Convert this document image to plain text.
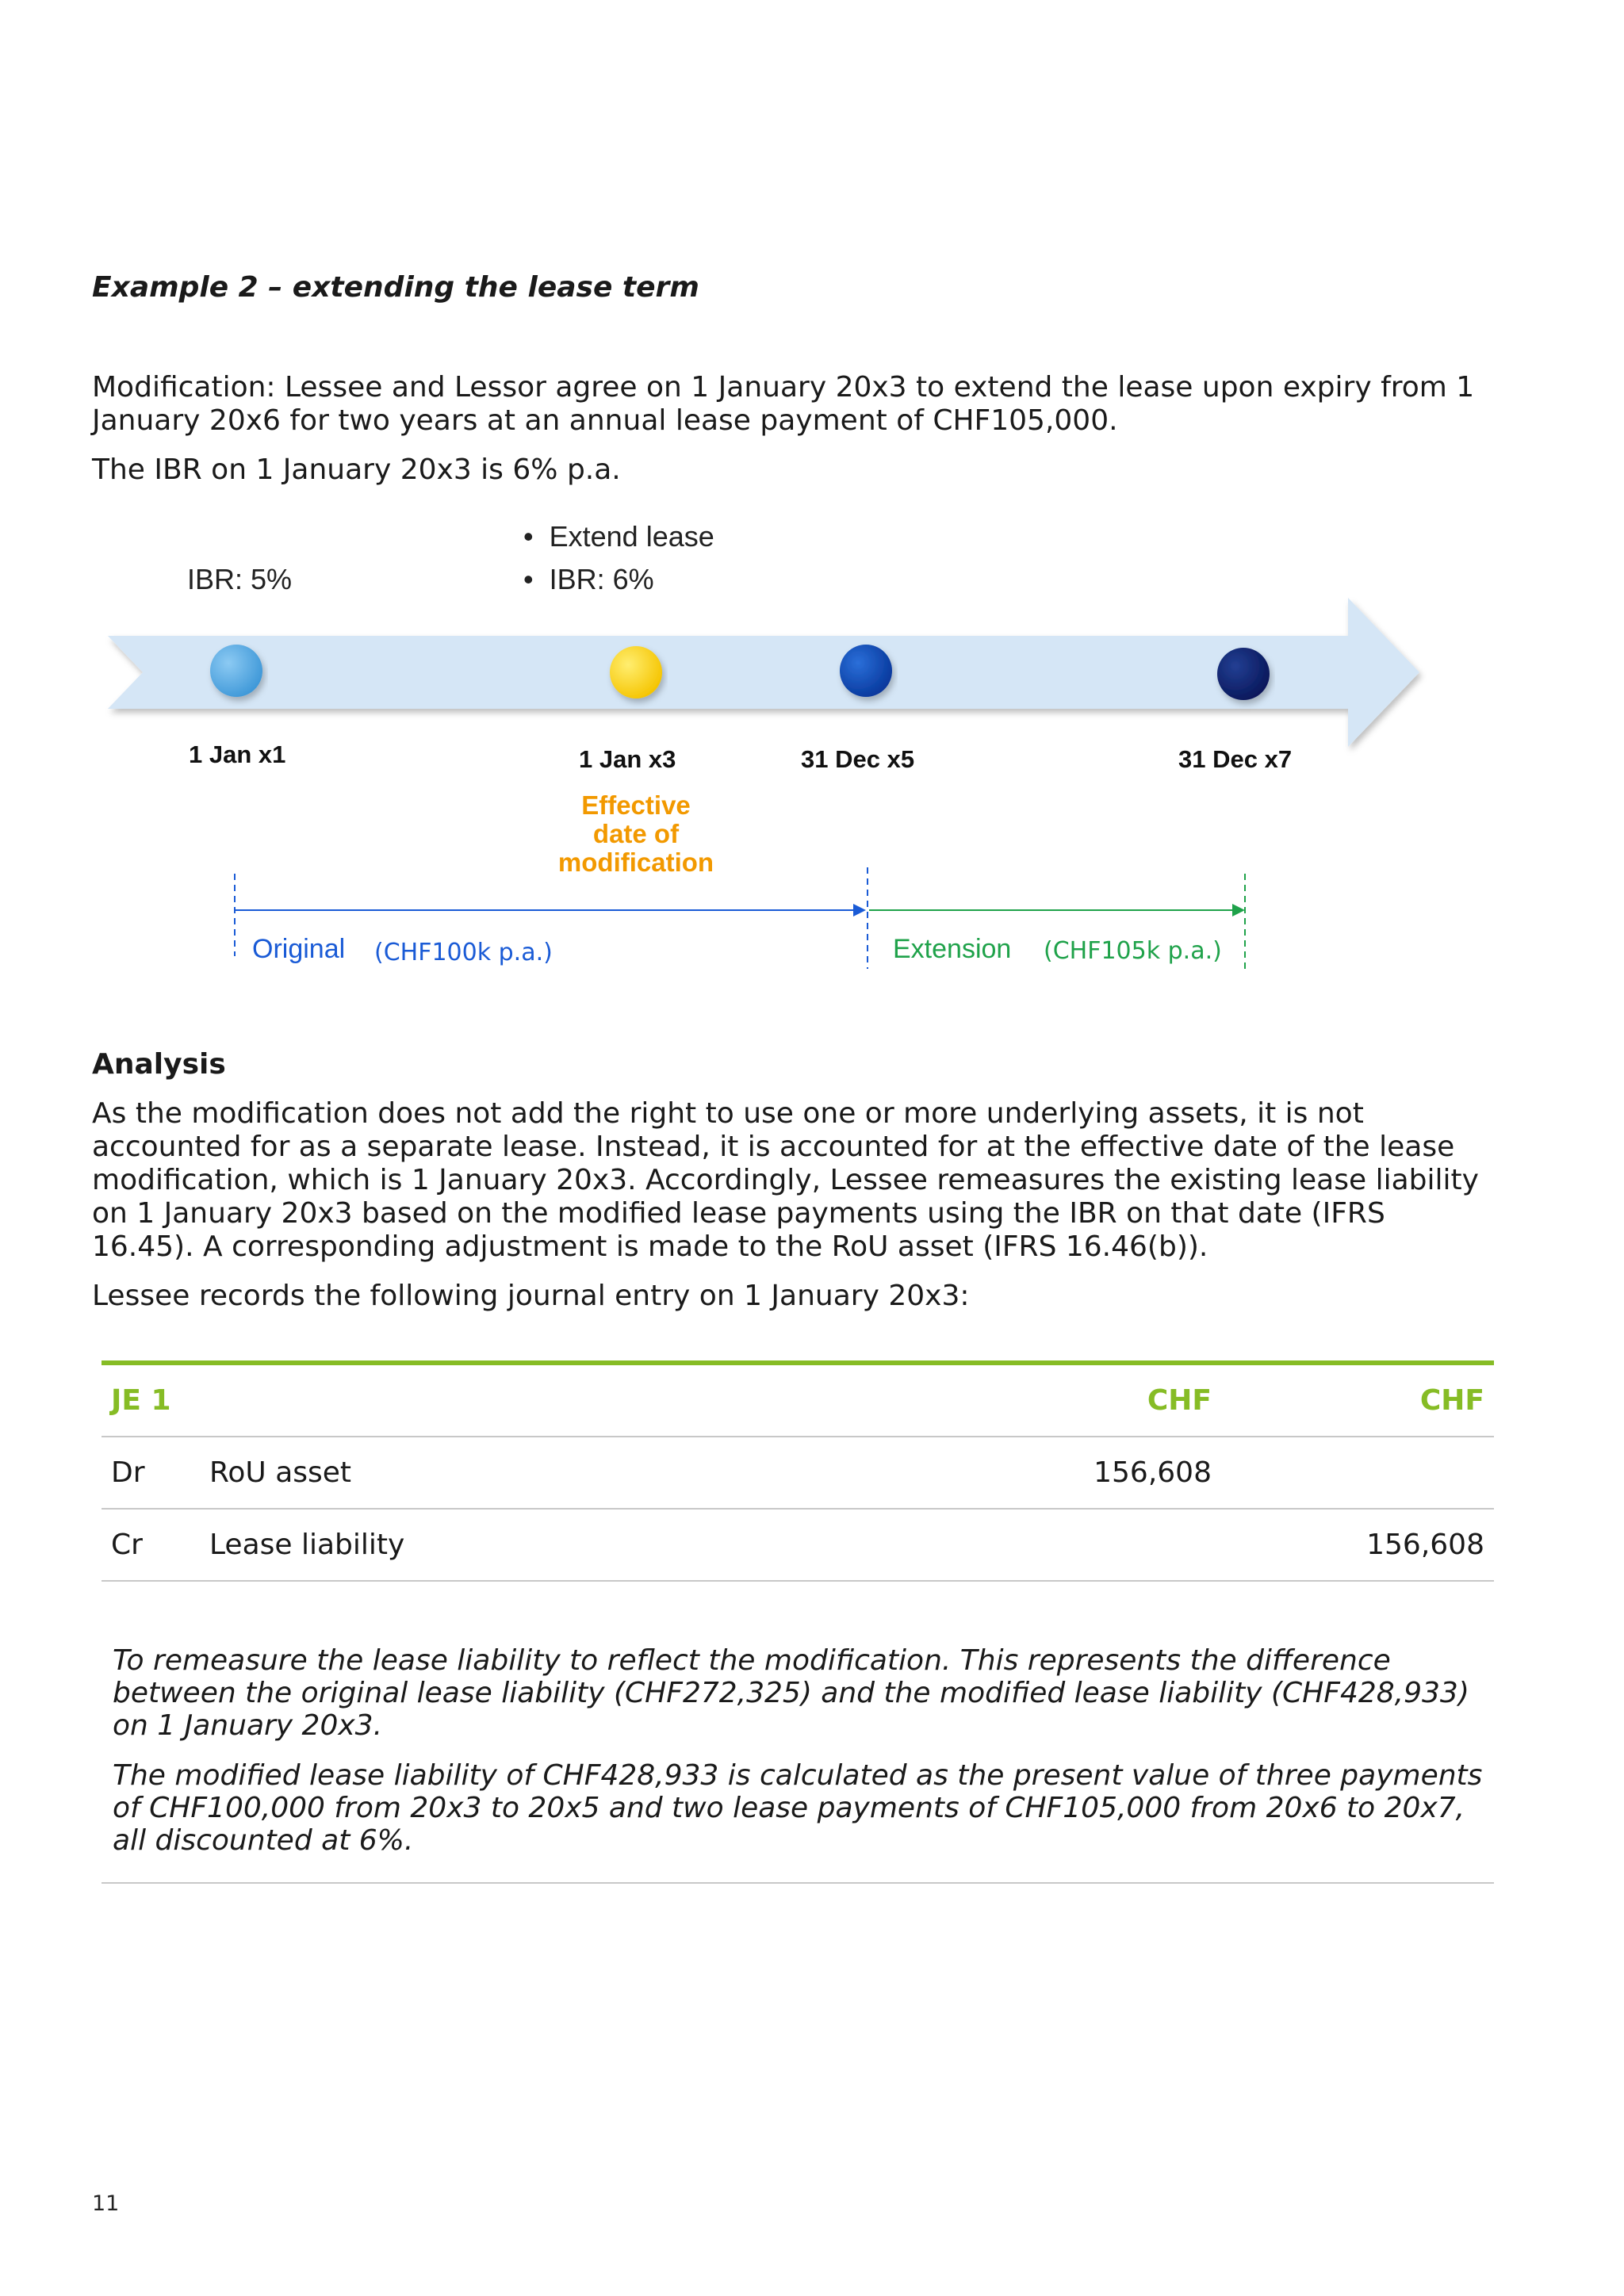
Example 2 – extending the lease term

Modification: Lessee and Lessor agree on 1 January 20x3 to extend the lease upon expiry from 1 January 20x6 for two years at an annual lease payment of CHF105,000.

The IBR on 1 January 20x3 is 6% p.a.

IBR: 5%
•  Extend lease
•  IBR: 6%
1 Jan x1	1 Jan x3	31 Dec x5	31 Dec x7
Effective
date of
modification
Original (CHF100k p.a.)	Extension (CHF105k p.a.)

Analysis

As the modification does not add the right to use one or more underlying assets, it is not accounted for as a separate lease. Instead, it is accounted for at the effective date of the lease modification, which is 1 January 20x3. Accordingly, Lessee remeasures the existing lease liability on 1 January 20x3 based on the modified lease payments using the IBR on that date (IFRS 16.45). A corresponding adjustment is made to the RoU asset (IFRS 16.46(b)).

Lessee records the following journal entry on 1 January 20x3:

JE 1		CHF	CHF
Dr	RoU asset	156,608	
Cr	Lease liability		156,608

To remeasure the lease liability to reflect the modification. This represents the difference between the original lease liability (CHF272,325) and the modified lease liability (CHF428,933) on 1 January 20x3.

The modified lease liability of CHF428,933 is calculated as the present value of three payments of CHF100,000 from 20x3 to 20x5 and two lease payments of CHF105,000 from 20x6 to 20x7, all discounted at 6%.

11
